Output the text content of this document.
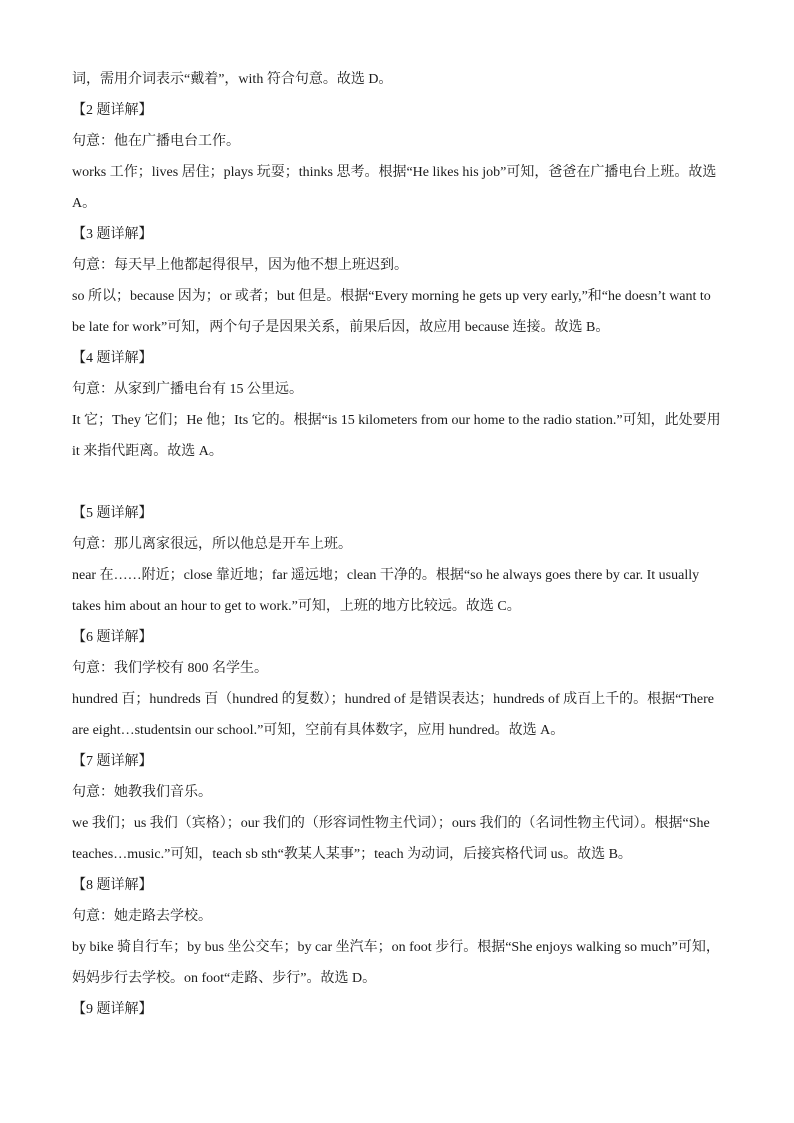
词，需用介词表示“戴着”，with 符合句意。故选 D。
【2 题详解】
句意：他在广播电台工作。
works 工作；lives 居住；plays 玩耍；thinks 思考。根据“He likes his job”可知，爸爸在广播电台上班。故选
A。
【3 题详解】
句意：每天早上他都起得很早，因为他不想上班迟到。
so 所以；because 因为；or 或者；but 但是。根据“Every morning he gets up very early,”和“he doesn’t want to
be late for work”可知，两个句子是因果关系，前果后因，故应用 because 连接。故选 B。
【4 题详解】
句意：从家到广播电台有 15 公里远。
It 它；They 它们；He 他；Its 它的。根据“is 15 kilometers from our home to the radio station.”可知，此处要用
it 来指代距离。故选 A。
【5 题详解】
句意：那儿离家很远，所以他总是开车上班。
near 在……附近；close 靠近地；far 遥远地；clean 干净的。根据“so he always goes there by car. It usually
takes him about an hour to get to work.”可知，上班的地方比较远。故选 C。
【6 题详解】
句意：我们学校有 800 名学生。
hundred 百；hundreds 百（hundred 的复数）；hundred of 是错误表达；hundreds of 成百上千的。根据“There
are eight…studentsin our school.”可知，空前有具体数字，应用 hundred。故选 A。
【7 题详解】
句意：她教我们音乐。
we 我们；us 我们（宾格）；our 我们的（形容词性物主代词）；ours 我们的（名词性物主代词）。根据“She
teaches…music.”可知，teach sb sth“教某人某事”；teach 为动词，后接宾格代词 us。故选 B。
【8 题详解】
句意：她走路去学校。
by bike 骑自行车；by bus 坐公交车；by car 坐汽车；on foot 步行。根据“She enjoys walking so much”可知，
妈妈步行去学校。on foot“走路、步行”。故选 D。
【9 题详解】
